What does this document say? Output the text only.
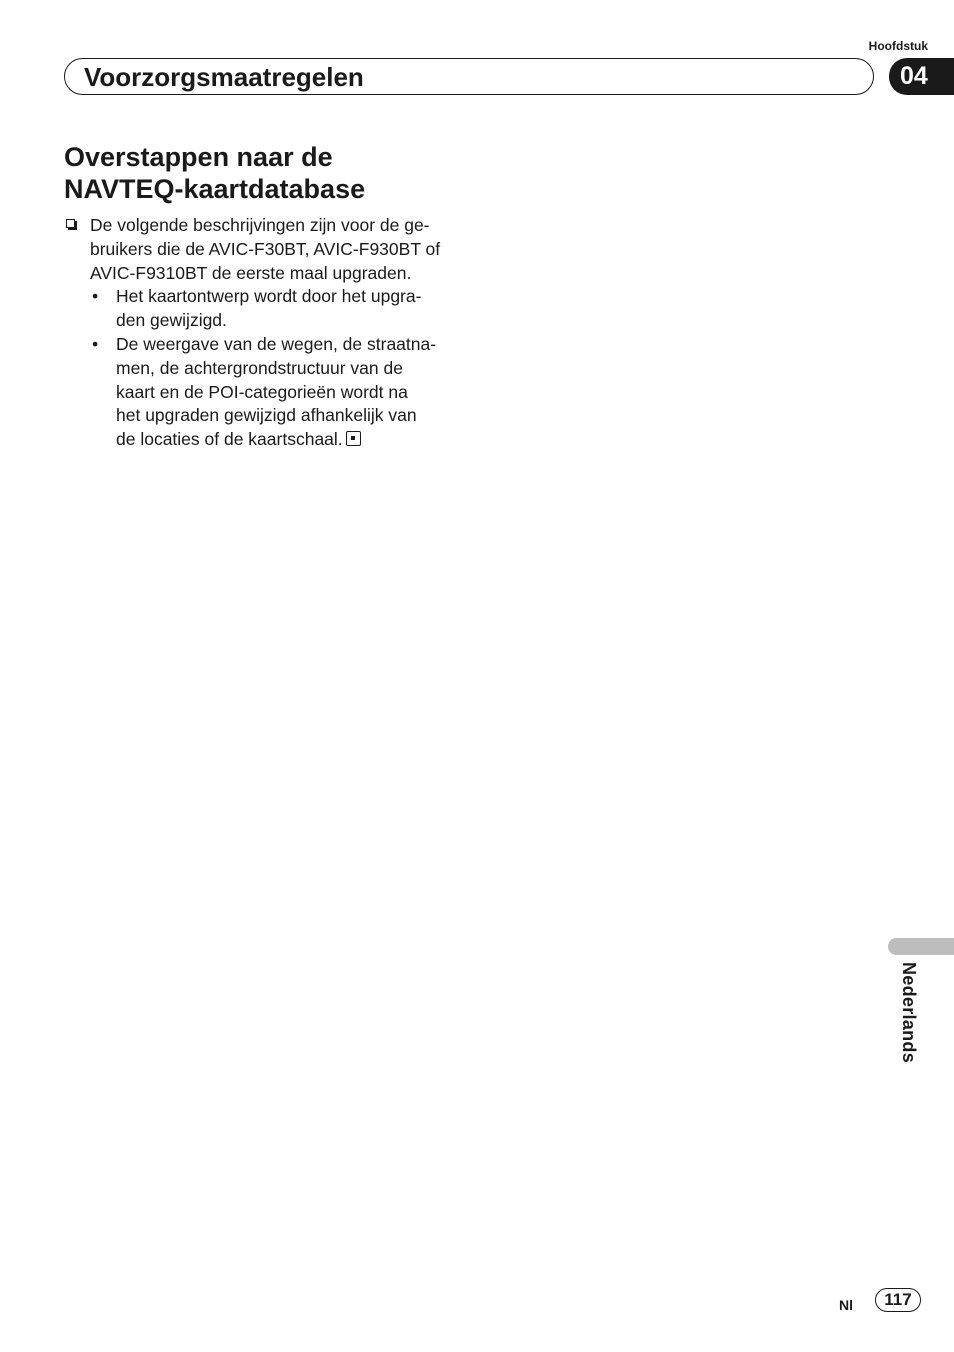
Hoofdstuk
Voorzorgsmaatregelen	04
Overstappen naar de
NAVTEQ-kaartdatabase
De volgende beschrijvingen zijn voor de ge-
bruikers die de AVIC-F30BT, AVIC-F930BT of
AVIC-F9310BT de eerste maal upgraden.
• Het kaartontwerp wordt door het upgra-
den gewijzigd.
• De weergave van de wegen, de straatna-
men, de achtergrondstructuur van de
kaart en de POI-categorieën wordt na
het upgraden gewijzigd afhankelijk van
de locaties of de kaartschaal.
Nederlands
Nl	117
